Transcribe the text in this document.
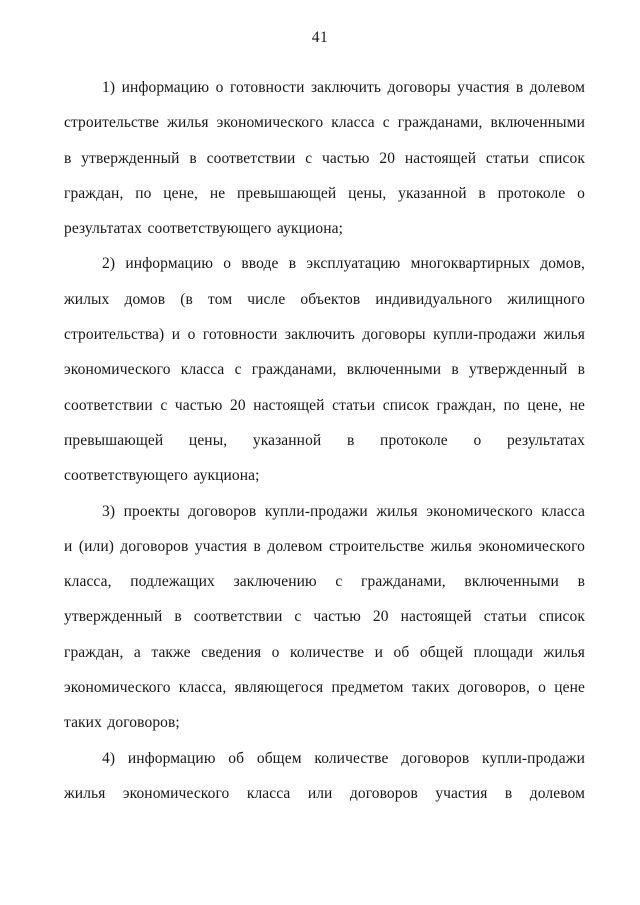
41
1) информацию о готовности заключить договоры участия в долевом
строительстве жилья экономического класса с гражданами, включенными
в утвержденный в соответствии с частью 20 настоящей статьи список
граждан, по цене, не превышающей цены, указанной в протоколе о
результатах соответствующего аукциона;
2) информацию о вводе в эксплуатацию многоквартирных домов,
жилых домов (в том числе объектов индивидуального жилищного
строительства) и о готовности заключить договоры купли-продажи жилья
экономического класса с гражданами, включенными в утвержденный в
соответствии с частью 20 настоящей статьи список граждан, по цене, не
превышающей цены, указанной в протоколе о результатах
соответствующего аукциона;
3) проекты договоров купли-продажи жилья экономического класса
и (или) договоров участия в долевом строительстве жилья экономического
класса, подлежащих заключению с гражданами, включенными в
утвержденный в соответствии с частью 20 настоящей статьи список
граждан, а также сведения о количестве и об общей площади жилья
экономического класса, являющегося предметом таких договоров, о цене
таких договоров;
4) информацию об общем количестве договоров купли-продажи
жилья экономического класса или договоров участия в долевом
